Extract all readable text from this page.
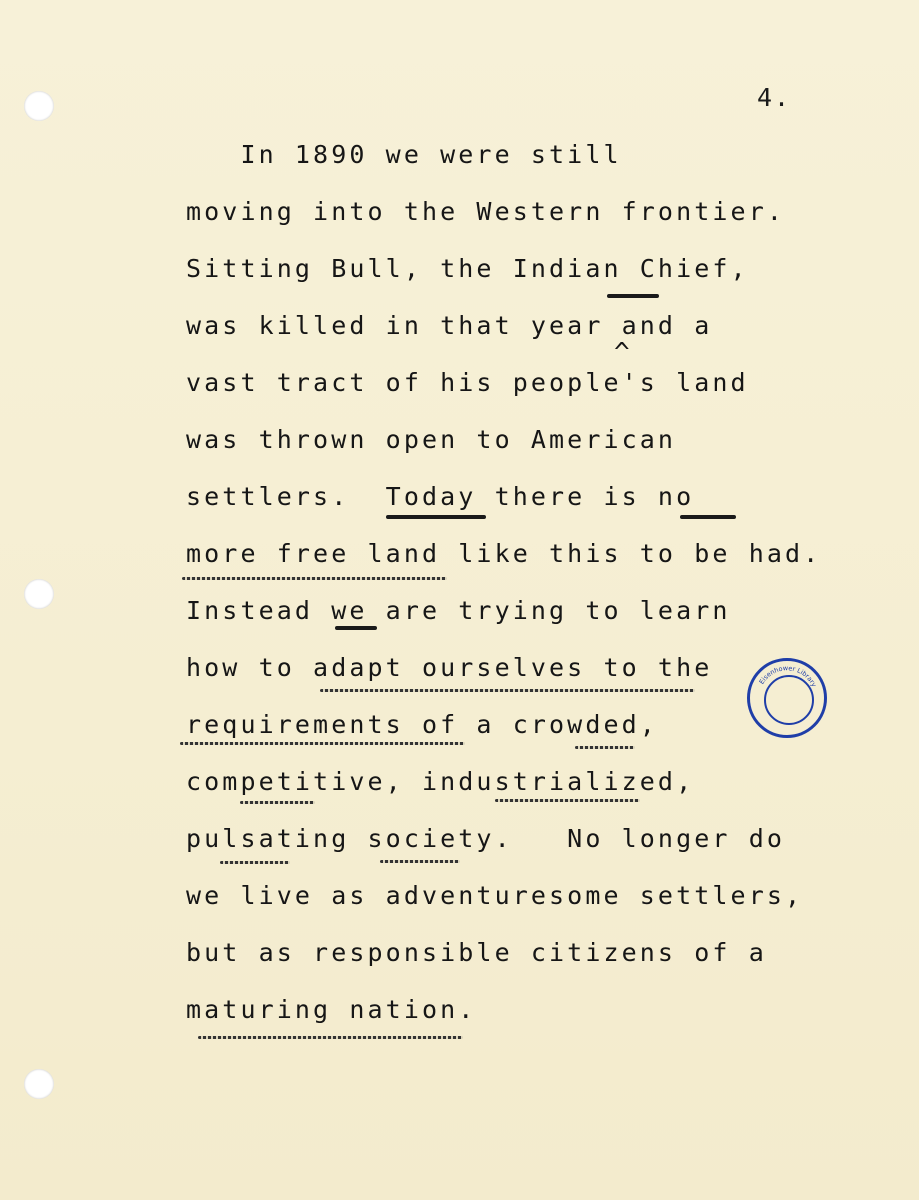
4.
In 1890 we were still
moving into the Western frontier.
Sitting Bull, the Indian Chief,
was killed in that year and a
vast tract of his people's land
was thrown open to American
settlers.  Today there is no
more free land like this to be had.
Instead we are trying to learn
how to adapt ourselves to the
requirements of a crowded,
competitive, industrialized,
pulsating society.   No longer do
we live as adventuresome settlers,
but as responsible citizens of a
maturing nation.
^
Eisenhower Library
